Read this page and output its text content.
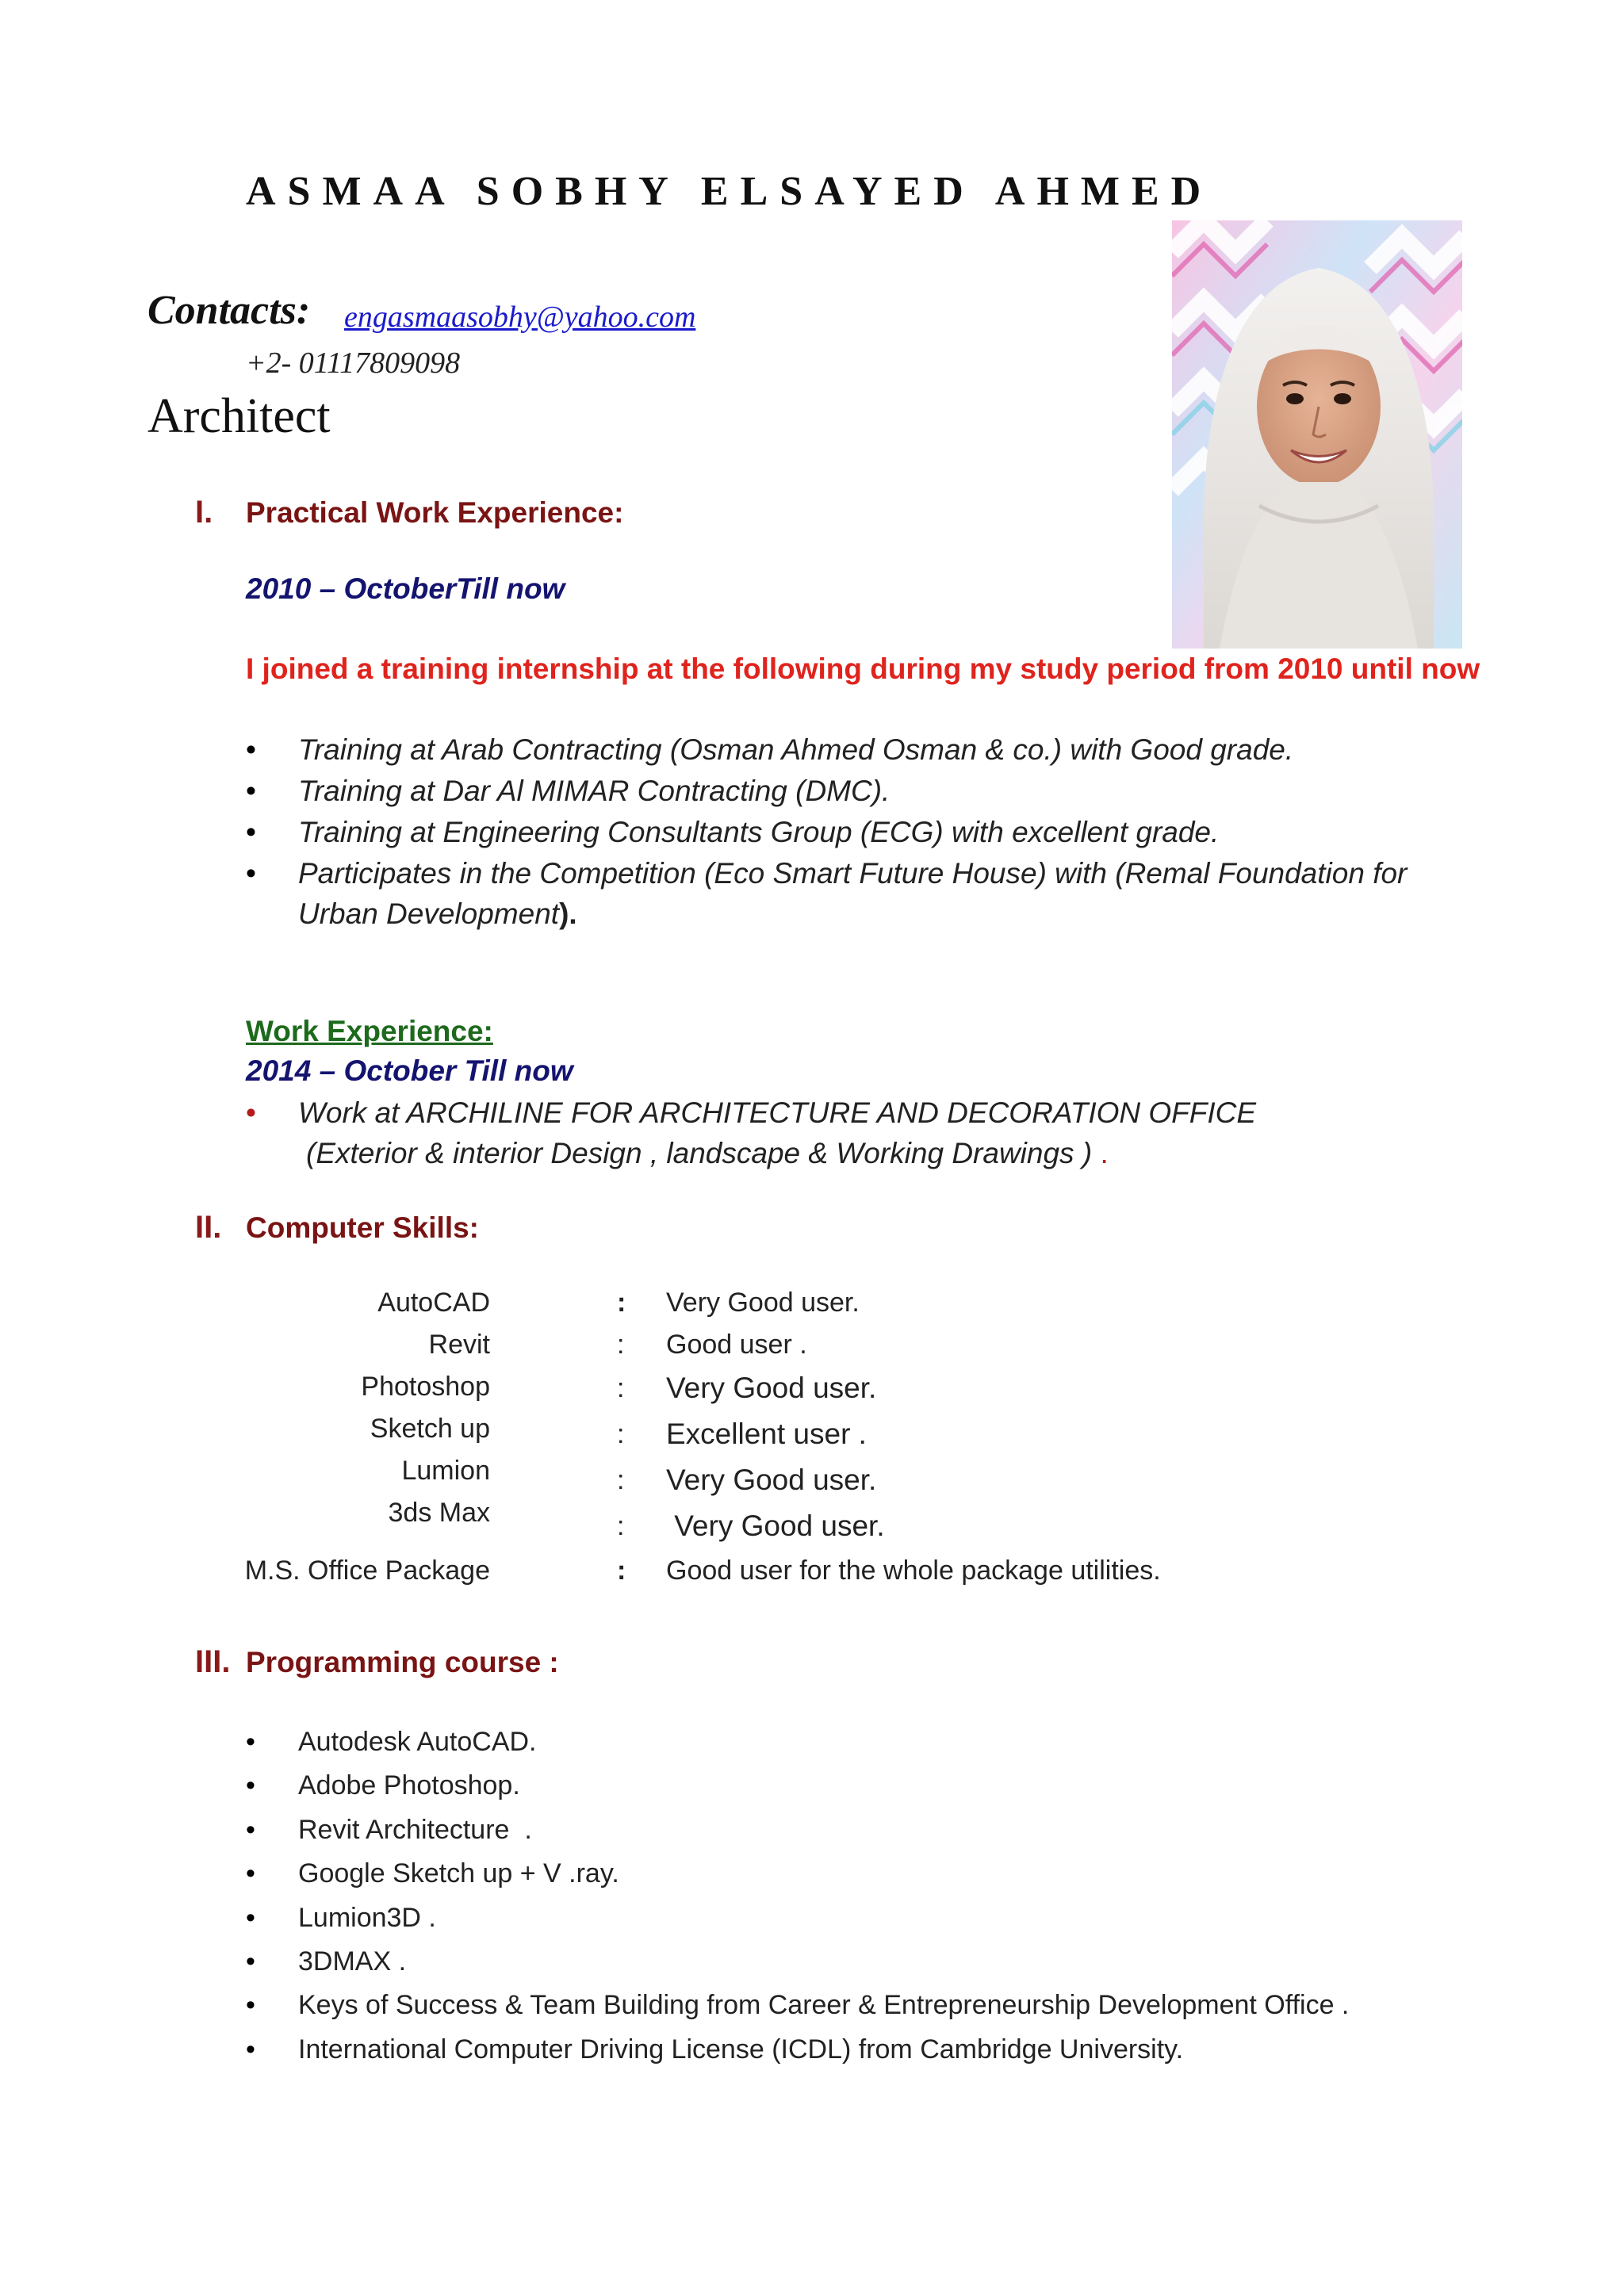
ASMAA SOBHY ELSAYED AHMED
Contacts: engasmaasobhy@yahoo.com
+2- 01117809098
Architect
I. Practical Work Experience:
2010 – OctoberTill now
I joined a training internship at the following during my study period from 2010 until now
• Training at Arab Contracting (Osman Ahmed Osman & co.) with Good grade.
• Training at Dar Al MIMAR Contracting (DMC).
• Training at Engineering Consultants Group (ECG) with excellent grade.
• Participates in the Competition (Eco Smart Future House) with (Remal Foundation for Urban Development).
Work Experience:
2014 – October Till now
• Work at ARCHILINE FOR ARCHITECTURE AND DECORATION OFFICE
(Exterior & interior Design , landscape & Working Drawings ) .
II. Computer Skills:
AutoCAD	: Very Good user.
Revit	: Good user .
Photoshop	: Very Good user.
Sketch up	: Excellent user .
Lumion	: Very Good user.
3ds Max	: Very Good user.
M.S. Office Package	: Good user for the whole package utilities.
III. Programming course :
• Autodesk AutoCAD.
• Adobe Photoshop.
• Revit Architecture  .
• Google Sketch up + V .ray.
• Lumion3D .
• 3DMAX .
• Keys of Success & Team Building from Career & Entrepreneurship Development Office .
• International Computer Driving License (ICDL) from Cambridge University.
